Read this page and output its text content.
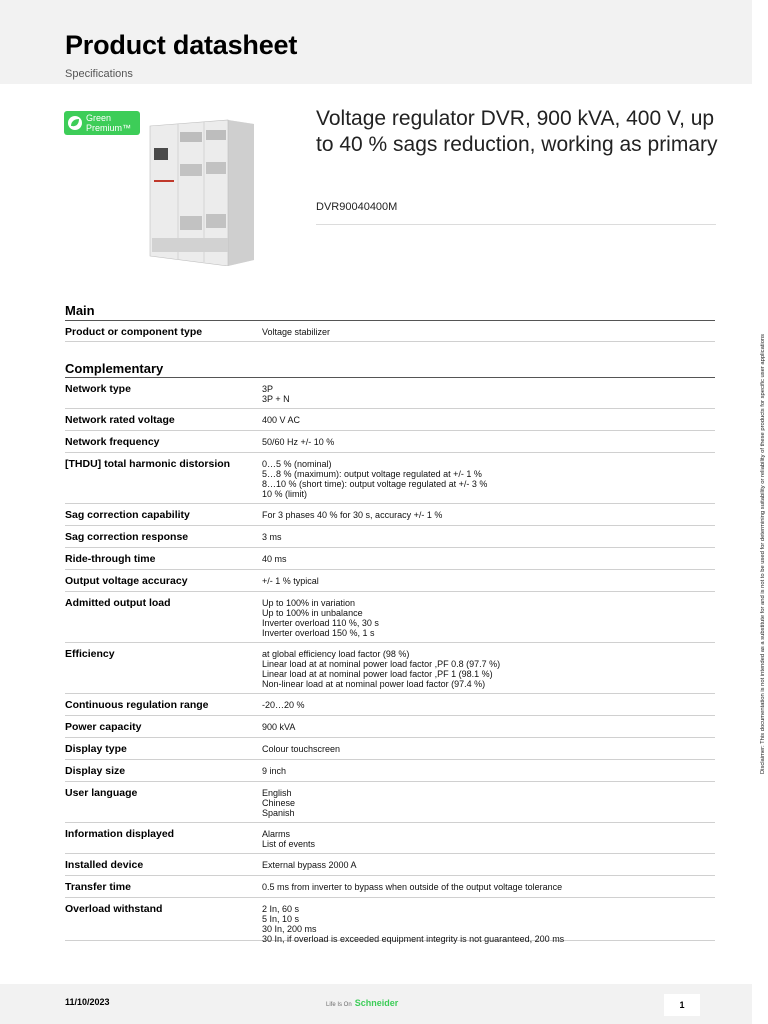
Product datasheet
Specifications
Green
Premium™	Voltage regulator DVR, 900 kVA, 400 V, up to 40 % sags reduction, working as primary
DVR90040400M
Main
Product or component type	Voltage stabilizer
Complementary
Network type	3P
3P + N
Network rated voltage	400 V AC
Network frequency	50/60 Hz +/- 10 %
[THDU] total harmonic distorsion	0…5 % (nominal)
5…8 % (maximum): output voltage regulated at +/- 1 %
8…10 % (short time): output voltage regulated at +/- 3 %
10 % (limit)
Sag correction capability	For 3 phases 40 % for 30 s, accuracy +/- 1 %
Sag correction response	3 ms
Ride-through time	40 ms
Output voltage accuracy	+/- 1 % typical
Admitted output load	Up to 100% in variation
Up to 100% in unbalance
Inverter overload 110 %, 30 s
Inverter overload 150 %, 1 s
Efficiency	at global efficiency load factor (98 %)
Linear load at at nominal power load factor ,PF 0.8 (97.7 %)
Linear load at at nominal power load factor ,PF 1 (98.1 %)
Non-linear load at at nominal power load factor (97.4 %)
Continuous regulation range	-20…20 %
Power capacity	900 kVA
Display type	Colour touchscreen
Display size	9 inch
User language	English
Chinese
Spanish
Information displayed	Alarms
List of events
Installed device	External bypass 2000 A
Transfer time	0.5 ms from inverter to bypass when outside of the output voltage tolerance
Overload withstand	2 In, 60 s
5 In, 10 s
30 In, 200 ms
30 In, if overload is exceeded equipment integrity is not guaranteed, 200 ms
Disclaimer: This documentation is not intended as a substitute for and is not to be used for determining suitability or reliability of these products for specific user applications
11/10/2023	Life Is On Schneider	1
